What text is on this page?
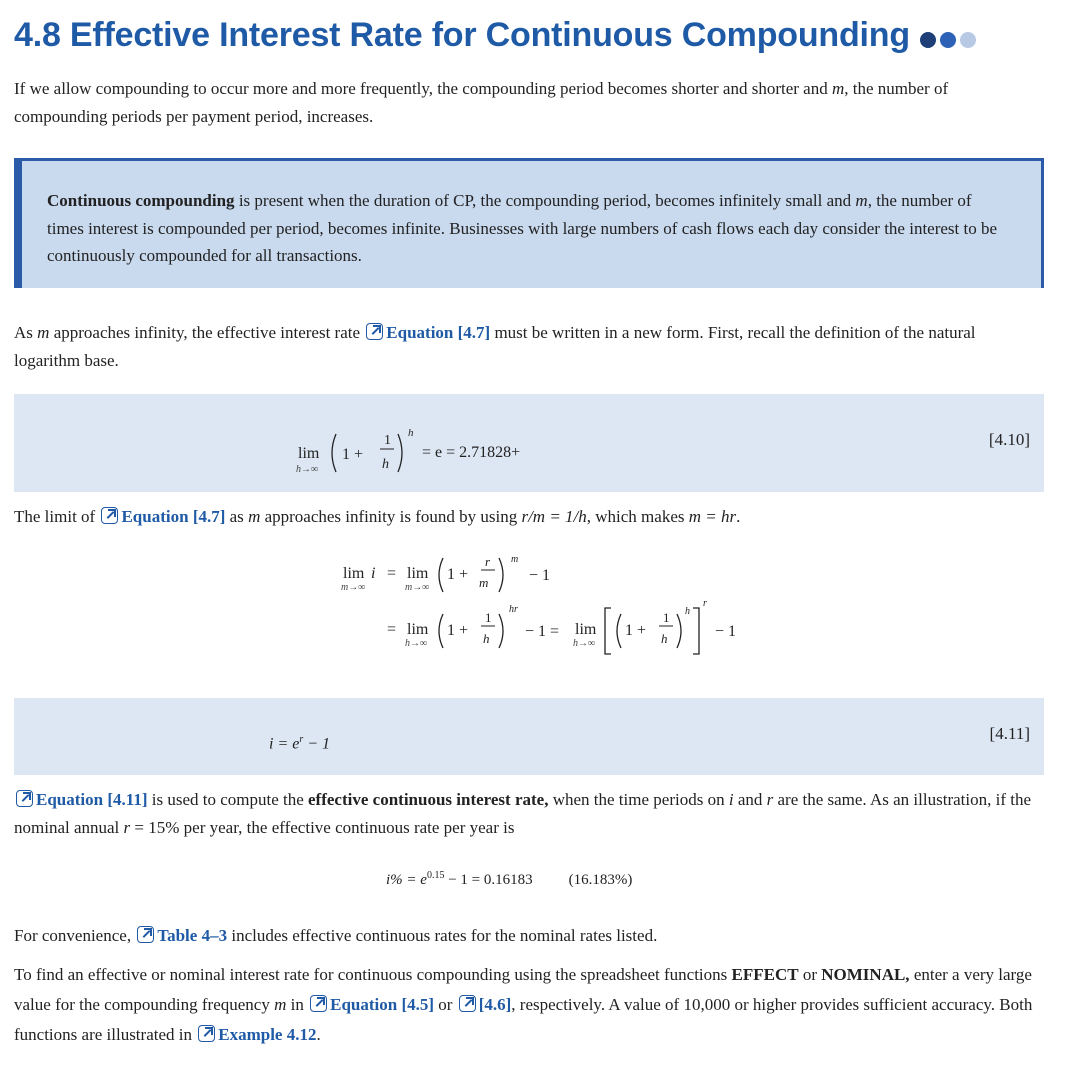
4.8 Effective Interest Rate for Continuous Compounding

If we allow compounding to occur more and more frequently, the compounding period becomes shorter and shorter and m, the number of compounding periods per payment period, increases.

Continuous compounding is present when the duration of CP, the compounding period, becomes infinitely small and m, the number of times interest is compounded per period, becomes infinite. Businesses with large numbers of cash flows each day consider the interest to be continuously compounded for all transactions.

As m approaches infinity, the effective interest rate Equation [4.7] must be written in a new form. First, recall the definition of the natural logarithm base.

lim
h→∞
1 +
1
h
h
= e = 2.71828+
[4.10]

The limit of Equation [4.7] as m approaches infinity is found by using r/m = 1/h, which makes m = hr.

lim i
m→∞
= lim
m→∞
1 +
r
m
m
− 1
= lim
h→∞
1 +
1
h
hr
− 1 = lim
h→∞
1 +
1
h
h
r
− 1
$i = e^r - 1$
[4.11]

Equation [4.11] is used to compute the effective continuous interest rate, when the time periods on i and r are the same. As an illustration, if the nominal annual r = 15% per year, the effective continuous rate per year is

$i\% = e^{0.15} - 1 = 0.16183$ (16.183%)

For convenience, Table 4–3 includes effective continuous rates for the nominal rates listed.

To find an effective or nominal interest rate for continuous compounding using the spreadsheet functions EFFECT or NOMINAL, enter a very large value for the compounding frequency m in Equation [4.5] or [4.6], respectively. A value of 10,000 or higher provides sufficient accuracy. Both functions are illustrated in Example 4.12.
